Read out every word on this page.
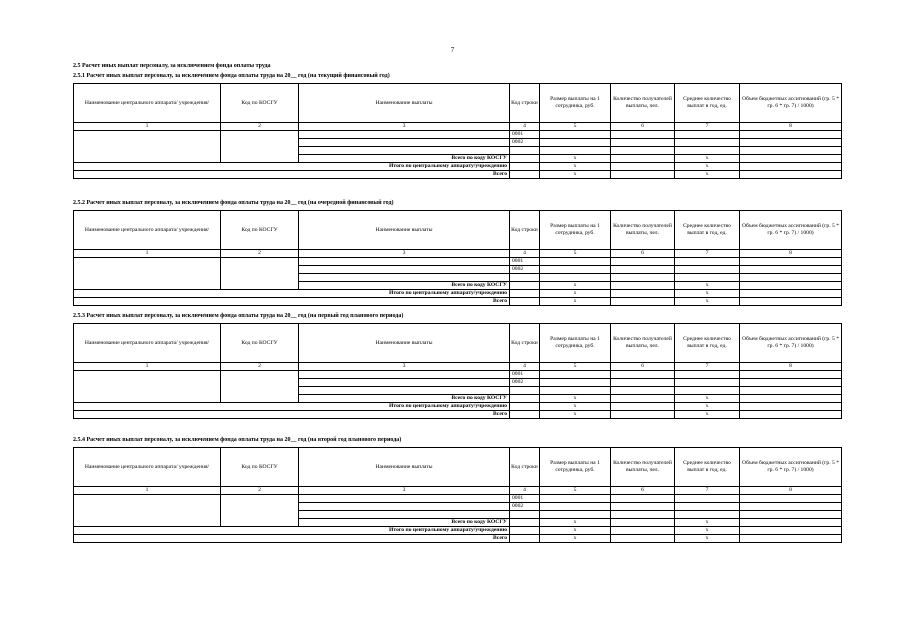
7
2.5 Расчет иных выплат персоналу, за исключением фонда оплаты труда
2.5.1 Расчет иных выплат персоналу, за исключением фонда оплаты труда на 20__ год (на текущий финансовый год)
Наименование центрального аппарата/ учреждения/	Код по КОСГУ	Наименование выплаты	Код строки	Размер выплаты на 1 сотрудника, руб.	Количество получателей выплаты, чел.	Среднее количество выплат в год, ед.	Объем бюджетных ассигнований (гр. 5 * гр. 6 * гр. 7) / 1000)
1	2	3	4	5	6	7	8
			0001				
			0002				

		Всего по коду КОСГУ		x		x	
Итого по центральному аппарату/учреждению				x		x	
Всего				x		x	
2.5.2 Расчет иных выплат персоналу, за исключением фонда оплаты труда на 20__ год (на очередной финансовый год)
Наименование центрального аппарата/ учреждения/	Код по КОСГУ	Наименование выплаты	Код строки	Размер выплаты на 1 сотрудника, руб.	Количество получателей выплаты, чел.	Среднее количество выплат в год, ед.	Объем бюджетных ассигнований (гр. 5 * гр. 6 * гр. 7) / 1000)
1	2	3	4	5	6	7	8
			0001				
			0002				

		Всего по коду КОСГУ		x		x	
Итого по центральному аппарату/учреждению				x		x	
Всего				x		x	
2.5.3 Расчет иных выплат персоналу, за исключением фонда оплаты труда на 20__ год (на первый год планового периода)
Наименование центрального аппарата/ учреждения/	Код по КОСГУ	Наименование выплаты	Код строки	Размер выплаты на 1 сотрудника, руб.	Количество получателей выплаты, чел.	Среднее количество выплат в год, ед.	Объем бюджетных ассигнований (гр. 5 * гр. 6 * гр. 7) / 1000)
1	2	3	4	5	6	7	8
			0001				
			0002				

		Всего по коду КОСГУ		x		x	
Итого по центральному аппарату/учреждению				x		x	
Всего				x		x	
2.5.4 Расчет иных выплат персоналу, за исключением фонда оплаты труда на 20__ год (на второй год планового периода)
Наименование центрального аппарата/ учреждения/	Код по КОСГУ	Наименование выплаты	Код строки	Размер выплаты на 1 сотрудника, руб.	Количество получателей выплаты, чел.	Среднее количество выплат в год, ед.	Объем бюджетных ассигнований (гр. 5 * гр. 6 * гр. 7) / 1000)
1	2	3	4	5	6	7	8
			0001				
			0002				

		Всего по коду КОСГУ		x		x	
Итого по центральному аппарату/учреждению				x		x	
Всего				x		x	
